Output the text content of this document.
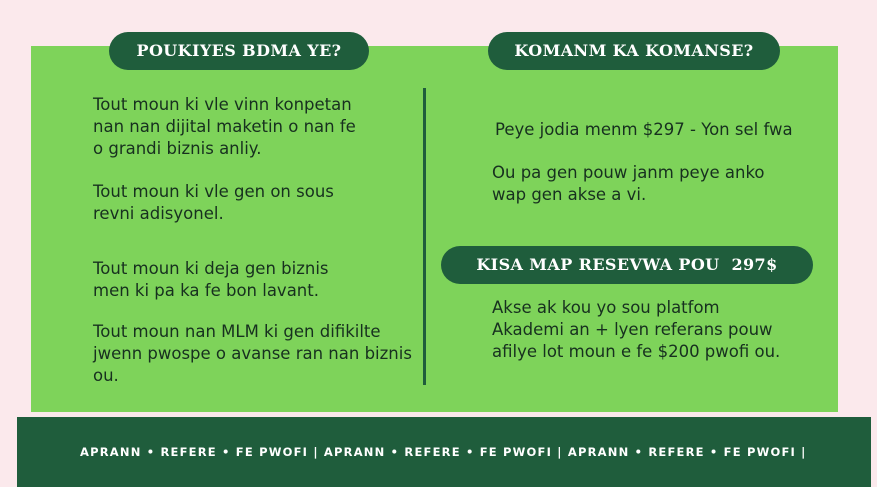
POUKIYES BDMA YE?	KOMANM KA KOMANSE?
Tout moun ki vle vinn konpetan
nan nan dijital maketin o nan fe
o grandi biznis anliy.
Tout moun ki vle gen on sous
revni adisyonel.
Tout moun ki deja gen biznis
men ki pa ka fe bon lavant.
Tout moun nan MLM ki gen difikilte
jwenn pwospe o avanse ran nan biznis
ou.
Peye jodia menm $297 - Yon sel fwa
Ou pa gen pouw janm peye anko
wap gen akse a vi.
KISA MAP RESEVWA POU  297$
Akse ak kou yo sou platfom
Akademi an + lyen referans pouw
afilye lot moun e fe $200 pwofi ou.
APRANN • REFERE • FE PWOFI | APRANN • REFERE • FE PWOFI | APRANN • REFERE • FE PWOFI |
